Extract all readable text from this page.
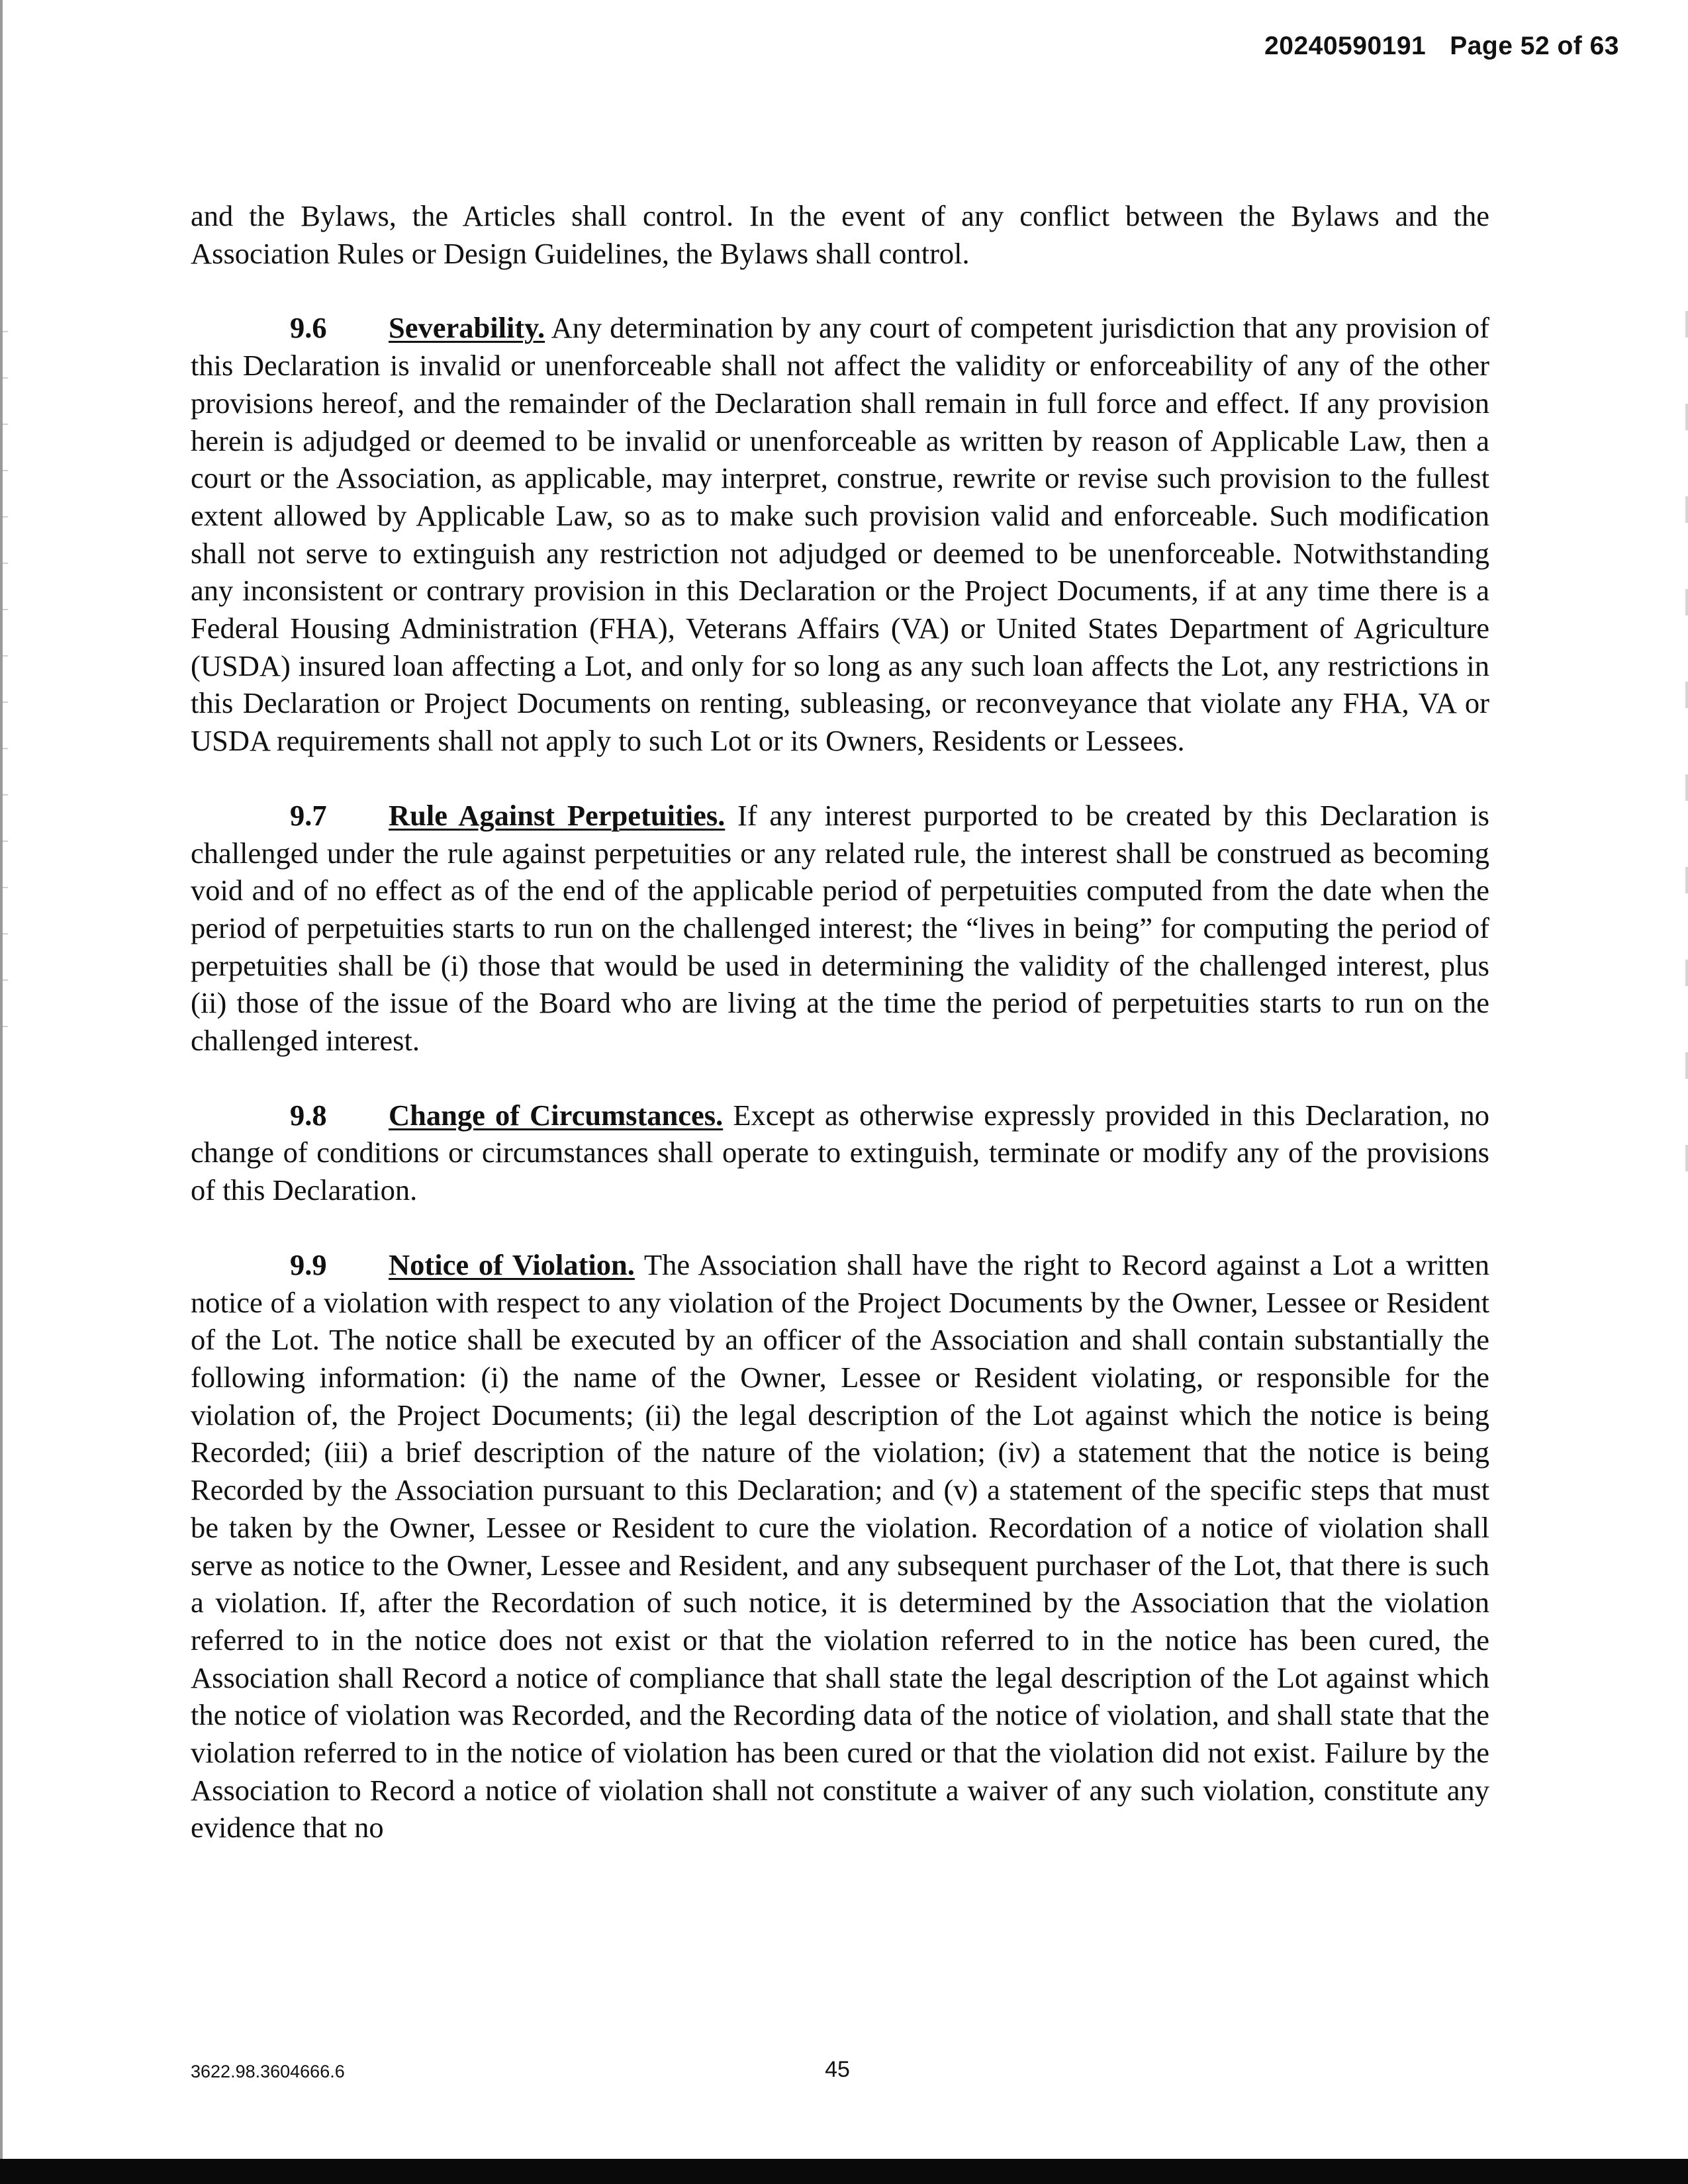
20240590191 Page 52 of 63

and the Bylaws, the Articles shall control. In the event of any conflict between the Bylaws and the Association Rules or Design Guidelines, the Bylaws shall control.

9.6 Severability. Any determination by any court of competent jurisdiction that any provision of this Declaration is invalid or unenforceable shall not affect the validity or enforceability of any of the other provisions hereof, and the remainder of the Declaration shall remain in full force and effect. If any provision herein is adjudged or deemed to be invalid or unenforceable as written by reason of Applicable Law, then a court or the Association, as applicable, may interpret, construe, rewrite or revise such provision to the fullest extent allowed by Applicable Law, so as to make such provision valid and enforceable. Such modification shall not serve to extinguish any restriction not adjudged or deemed to be unenforceable. Notwithstanding any inconsistent or contrary provision in this Declaration or the Project Documents, if at any time there is a Federal Housing Administration (FHA), Veterans Affairs (VA) or United States Department of Agriculture (USDA) insured loan affecting a Lot, and only for so long as any such loan affects the Lot, any restrictions in this Declaration or Project Documents on renting, subleasing, or reconveyance that violate any FHA, VA or USDA requirements shall not apply to such Lot or its Owners, Residents or Lessees.

9.7 Rule Against Perpetuities. If any interest purported to be created by this Declaration is challenged under the rule against perpetuities or any related rule, the interest shall be construed as becoming void and of no effect as of the end of the applicable period of perpetuities computed from the date when the period of perpetuities starts to run on the challenged interest; the “lives in being” for computing the period of perpetuities shall be (i) those that would be used in determining the validity of the challenged interest, plus (ii) those of the issue of the Board who are living at the time the period of perpetuities starts to run on the challenged interest.

9.8 Change of Circumstances. Except as otherwise expressly provided in this Declaration, no change of conditions or circumstances shall operate to extinguish, terminate or modify any of the provisions of this Declaration.

9.9 Notice of Violation. The Association shall have the right to Record against a Lot a written notice of a violation with respect to any violation of the Project Documents by the Owner, Lessee or Resident of the Lot. The notice shall be executed by an officer of the Association and shall contain substantially the following information: (i) the name of the Owner, Lessee or Resident violating, or responsible for the violation of, the Project Documents; (ii) the legal description of the Lot against which the notice is being Recorded; (iii) a brief description of the nature of the violation; (iv) a statement that the notice is being Recorded by the Association pursuant to this Declaration; and (v) a statement of the specific steps that must be taken by the Owner, Lessee or Resident to cure the violation. Recordation of a notice of violation shall serve as notice to the Owner, Lessee and Resident, and any subsequent purchaser of the Lot, that there is such a violation. If, after the Recordation of such notice, it is determined by the Association that the violation referred to in the notice does not exist or that the violation referred to in the notice has been cured, the Association shall Record a notice of compliance that shall state the legal description of the Lot against which the notice of violation was Recorded, and the Recording data of the notice of violation, and shall state that the violation referred to in the notice of violation has been cured or that the violation did not exist. Failure by the Association to Record a notice of violation shall not constitute a waiver of any such violation, constitute any evidence that no

3622.98.3604666.6	45
